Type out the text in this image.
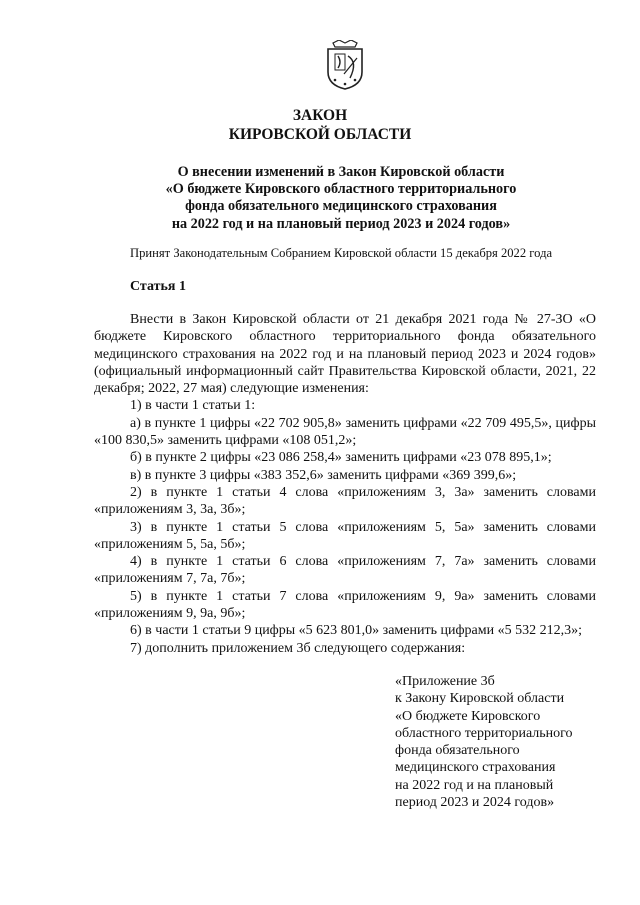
ЗАКОН
КИРОВСКОЙ ОБЛАСТИ
О внесении изменений в Закон Кировской области
«О бюджете Кировского областного территориального
фонда обязательного медицинского страхования
на 2022 год и на плановый период 2023 и 2024 годов»
Принят Законодательным Собранием Кировской области 15 декабря 2022 года
Статья 1

Внести в Закон Кировской области от 21 декабря 2021 года № 27-ЗО «О бюджете Кировского областного территориального фонда обязательного медицинского страхования на 2022 год и на плановый период 2023 и 2024 годов» (официальный информационный сайт Правительства Кировской области, 2021, 22 декабря; 2022, 27 мая) следующие изменения:

1) в части 1 статьи 1:

а) в пункте 1 цифры «22 702 905,8» заменить цифрами «22 709 495,5», цифры «100 830,5» заменить цифрами «108 051,2»;

б) в пункте 2 цифры «23 086 258,4» заменить цифрами «23 078 895,1»;

в) в пункте 3 цифры «383 352,6» заменить цифрами «369 399,6»;

2) в пункте 1 статьи 4 слова «приложениям 3, 3а» заменить словами «приложениям 3, 3а, 3б»;

3) в пункте 1 статьи 5 слова «приложениям 5, 5а» заменить словами «приложениям 5, 5а, 5б»;

4) в пункте 1 статьи 6 слова «приложениям 7, 7а» заменить словами «приложениям 7, 7а, 7б»;

5) в пункте 1 статьи 7 слова «приложениям 9, 9а» заменить словами «приложениям 9, 9а, 9б»;

6) в части 1 статьи 9 цифры «5 623 801,0» заменить цифрами «5 532 212,3»;

7) дополнить приложением 3б следующего содержания:

«Приложение 3б
к Закону Кировской области
«О бюджете Кировского
областного территориального
фонда обязательного
медицинского страхования
на 2022 год и на плановый
период 2023 и 2024 годов»
